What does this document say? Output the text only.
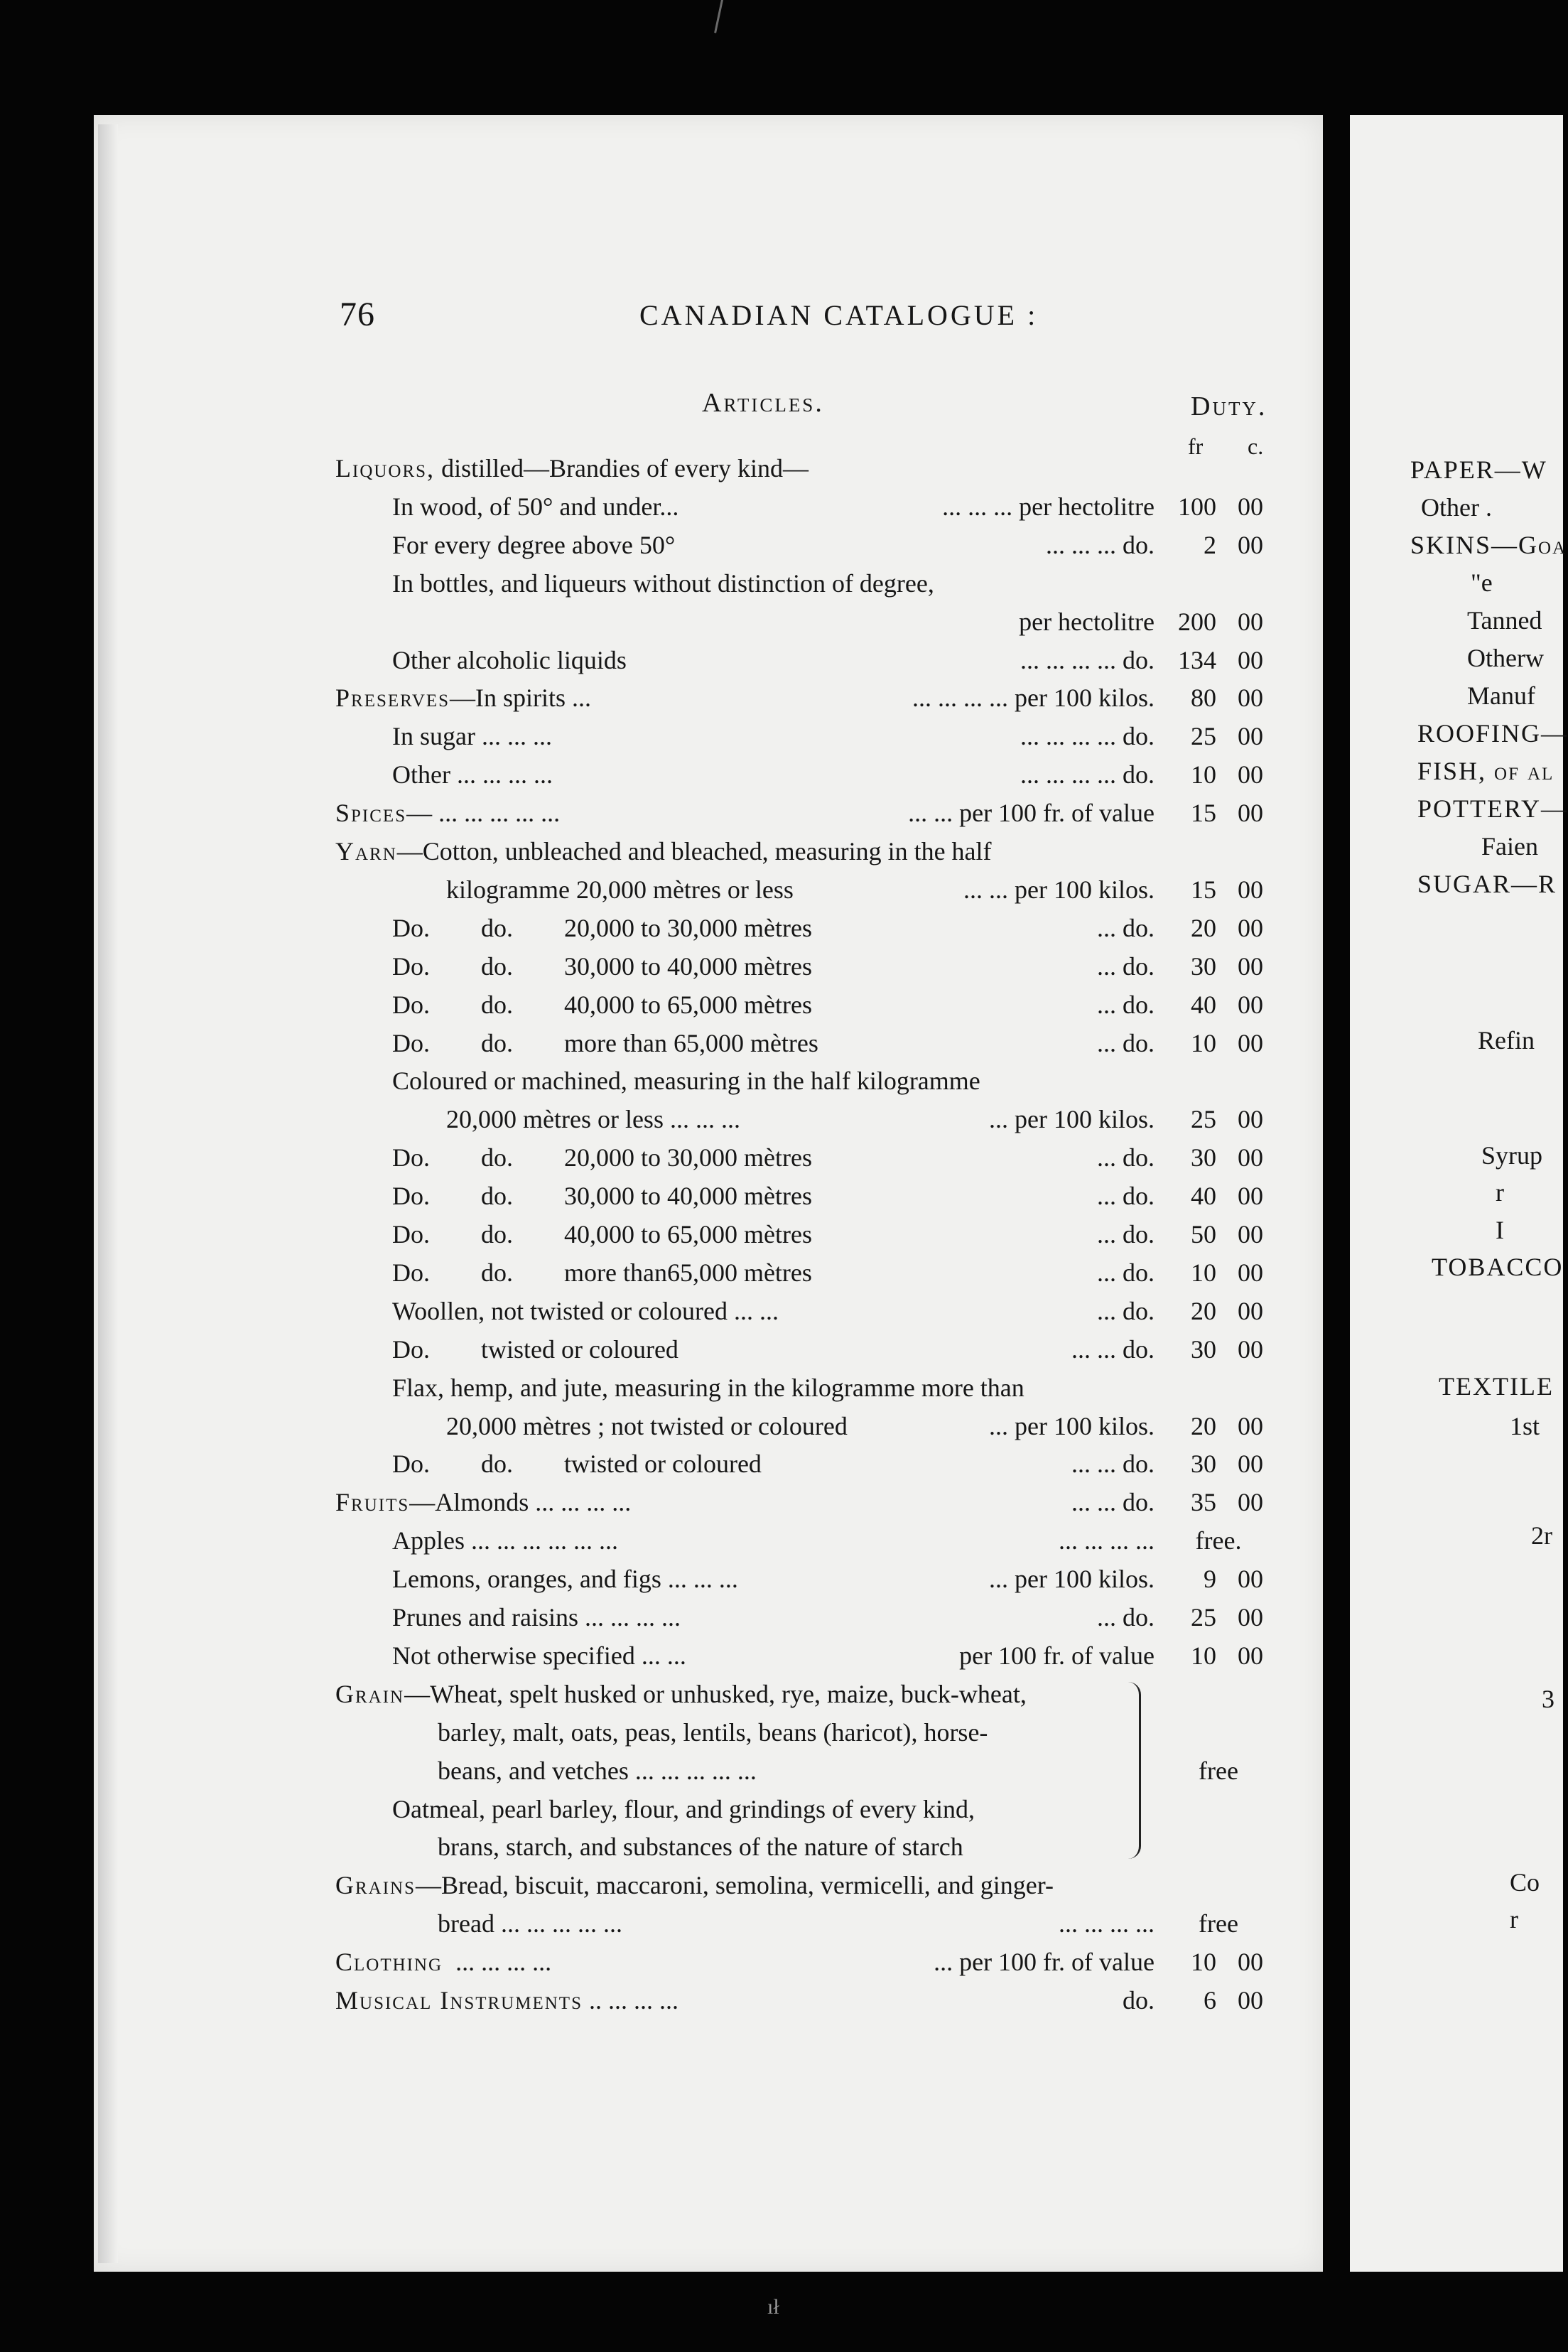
76	CANADIAN CATALOGUE :
Articles.	Duty.
fr c.
Liquors, distilled—Brandies of every kind—
In wood, of 50° and under...	... ... ... per hectolitre 100 00
For every degree above 50°	... ... ... do.	2 00
In bottles, and liqueurs without distinction of degree,
per hectolitre 200 00
Other alcoholic liquids	... ... ... ... do. 134 00
Preserves—In spirits ...	... ... ... ... per 100 kilos.	80 00
In sugar ... ... ...	... ... ... ... do.	25 00
Other ... ... ... ...	... ... ... ... do.	10 00
Spices— ... ... ... ... ...	... ... per 100 fr. of value	15 00
Yarn—Cotton, unbleached and bleached, measuring in the half
kilogramme 20,000 mètres or less	... ... per 100 kilos.	15 00
Do.        do.        20,000 to 30,000 mètres	... do.	20 00
Do.        do.        30,000 to 40,000 mètres	... do.	30 00
Do.        do.        40,000 to 65,000 mètres	... do.	40 00
Do.        do.        more than 65,000 mètres	... do.	10 00
Coloured or machined, measuring in the half kilogramme
20,000 mètres or less ... ... ...	... per 100 kilos.	25 00
Do.        do.        20,000 to 30,000 mètres	... do.	30 00
Do.        do.        30,000 to 40,000 mètres	... do.	40 00
Do.        do.        40,000 to 65,000 mètres	... do.	50 00
Do.        do.        more than65,000 mètres	... do.	10 00
Woollen, not twisted or coloured ... ...	... do.	20 00
Do.        twisted or coloured	... ... do.	30 00
Flax, hemp, and jute, measuring in the kilogramme more than
20,000 mètres ; not twisted or coloured	... per 100 kilos.	20 00
Do.        do.        twisted or coloured	... ... do.	30 00
Fruits—Almonds ... ... ... ...	... ... do.	35 00
Apples ... ... ... ... ... ...	... ... ... ...	free.
Lemons, oranges, and figs ... ... ...	... per 100 kilos.	9 00
Prunes and raisins ... ... ... ...	... do.	25 00
Not otherwise specified ... ...	per 100 fr. of value	10 00
Grain—Wheat, spelt husked or unhusked, rye, maize, buck-wheat,
barley, malt, oats, peas, lentils, beans (haricot), horse-
beans, and vetches ... ... ... ... ...	free
Oatmeal, pearl barley, flour, and grindings of every kind,
brans, starch, and substances of the nature of starch
Grains—Bread, biscuit, maccaroni, semolina, vermicelli, and ginger-
bread ... ... ... ... ...	... ... ... ...	free
Clothing  ... ... ... ...	... per 100 fr. of value	10 00
Musical Instruments .. ... ... ...	do.	6 00
PAPER—W
Other .
SKINS—Goa
"e
Tanned
Otherw
Manuf
ROOFING—
FISH, of al
POTTERY—
Faien
SUGAR—R
Refin
Syrup
r
I
TOBACCO
TEXTILE
1st
2r
3
Co
r
ıł
